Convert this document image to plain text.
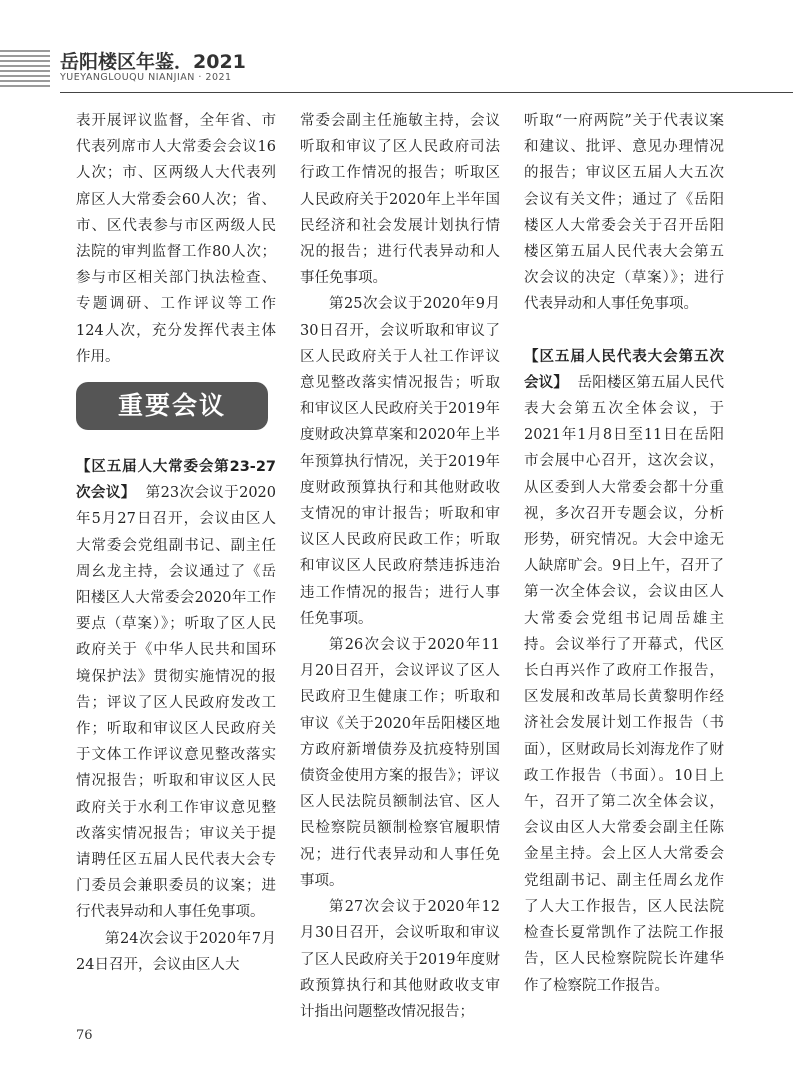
岳阳楼区年鉴．2021
YUEYANGLOUQU NIANJIAN · 2021

表开展评议监督，全年省、市代表列席市人大常委会会议16人次；市、区两级人大代表列席区人大常委会60人次；省、市、区代表参与市区两级人民法院的审判监督工作80人次；参与市区相关部门执法检查、专题调研、工作评议等工作124人次，充分发挥代表主体作用。

重要会议

【区五届人大常委会第23-27次会议】 第23次会议于2020年5月27日召开，会议由区人大常委会党组副书记、副主任周幺龙主持，会议通过了《岳阳楼区人大常委会2020年工作要点（草案）》；听取了区人民政府关于《中华人民共和国环境保护法》贯彻实施情况的报告；评议了区人民政府发改工作；听取和审议区人民政府关于文体工作评议意见整改落实情况报告；听取和审议区人民政府关于水利工作审议意见整改落实情况报告；审议关于提请聘任区五届人民代表大会专门委员会兼职委员的议案；进行代表异动和人事任免事项。

第24次会议于2020年7月24日召开，会议由区人大

常委会副主任施敏主持，会议听取和审议了区人民政府司法行政工作情况的报告；听取区人民政府关于2020年上半年国民经济和社会发展计划执行情况的报告；进行代表异动和人事任免事项。

第25次会议于2020年9月30日召开，会议听取和审议了区人民政府关于人社工作评议意见整改落实情况报告；听取和审议区人民政府关于2019年度财政决算草案和2020年上半年预算执行情况，关于2019年度财政预算执行和其他财政收支情况的审计报告；听取和审议区人民政府民政工作；听取和审议区人民政府禁违拆违治违工作情况的报告；进行人事任免事项。

第26次会议于2020年11月20日召开，会议评议了区人民政府卫生健康工作；听取和审议《关于2020年岳阳楼区地方政府新增债券及抗疫特别国债资金使用方案的报告》；评议区人民法院员额制法官、区人民检察院员额制检察官履职情况；进行代表异动和人事任免事项。

第27次会议于2020年12月30日召开，会议听取和审议了区人民政府关于2019年度财政预算执行和其他财政收支审计指出问题整改情况报告；

听取“一府两院”关于代表议案和建议、批评、意见办理情况的报告；审议区五届人大五次会议有关文件；通过了《岳阳楼区人大常委会关于召开岳阳楼区第五届人民代表大会第五次会议的决定（草案）》；进行代表异动和人事任免事项。

【区五届人民代表大会第五次会议】 岳阳楼区第五届人民代表大会第五次全体会议，于2021年1月8日至11日在岳阳市会展中心召开，这次会议，从区委到人大常委会都十分重视，多次召开专题会议，分析形势，研究情况。大会中途无人缺席旷会。9日上午，召开了第一次全体会议，会议由区人大常委会党组书记周岳雄主持。会议举行了开幕式，代区长白再兴作了政府工作报告，区发展和改革局长黄黎明作经济社会发展计划工作报告（书面），区财政局长刘海龙作了财政工作报告（书面）。10日上午，召开了第二次全体会议，会议由区人大常委会副主任陈金星主持。会上区人大常委会党组副书记、副主任周幺龙作了人大工作报告，区人民法院检查长夏常凯作了法院工作报告，区人民检察院院长许建华作了检察院工作报告。

76
